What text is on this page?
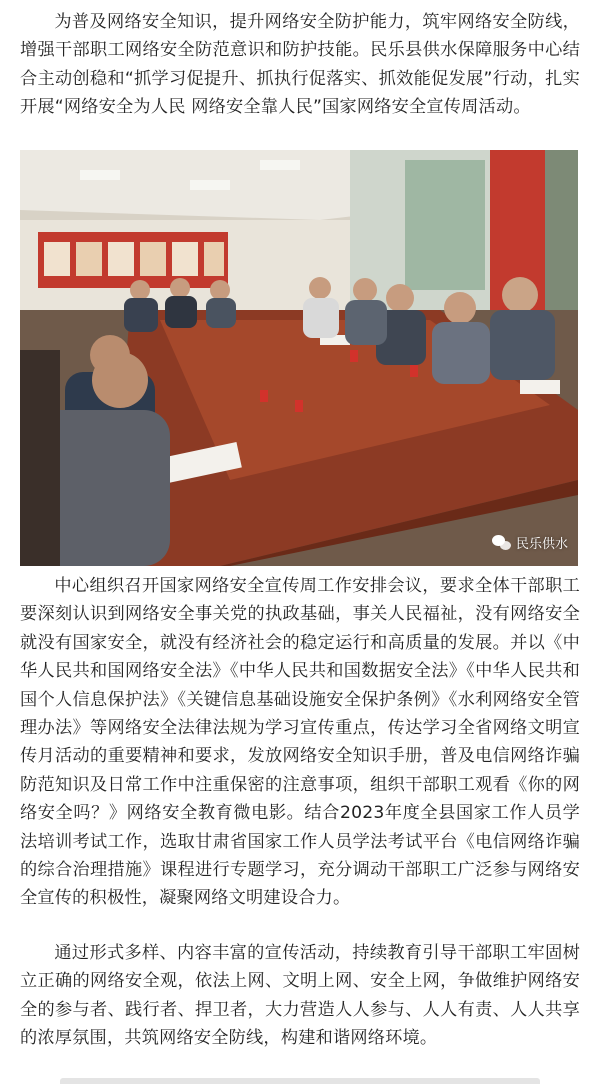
为普及网络安全知识，提升网络安全防护能力，筑牢网络安全防线，增强干部职工网络安全防范意识和防护技能。民乐县供水保障服务中心结合主动创稳和“抓学习促提升、抓执行促落实、抓效能促发展”行动，扎实开展“网络安全为人民 网络安全靠人民”国家网络安全宣传周活动。

民乐供水

中心组织召开国家网络安全宣传周工作安排会议，要求全体干部职工要深刻认识到网络安全事关党的执政基础，事关人民福祉，没有网络安全就没有国家安全，就没有经济社会的稳定运行和高质量的发展。并以《中华人民共和国网络安全法》《中华人民共和国数据安全法》《中华人民共和国个人信息保护法》《关键信息基础设施安全保护条例》《水利网络安全管理办法》等网络安全法律法规为学习宣传重点，传达学习全省网络文明宣传月活动的重要精神和要求，发放网络安全知识手册，普及电信网络诈骗防范知识及日常工作中注重保密的注意事项，组织干部职工观看《你的网络安全吗？》网络安全教育微电影。结合2023年度全县国家工作人员学法培训考试工作，选取甘肃省国家工作人员学法考试平台《电信网络诈骗的综合治理措施》课程进行专题学习，充分调动干部职工广泛参与网络安全宣传的积极性，凝聚网络文明建设合力。

通过形式多样、内容丰富的宣传活动，持续教育引导干部职工牢固树立正确的网络安全观，依法上网、文明上网、安全上网，争做维护网络安全的参与者、践行者、捍卫者，大力营造人人参与、人人有责、人人共享的浓厚氛围，共筑网络安全防线，构建和谐网络环境。
